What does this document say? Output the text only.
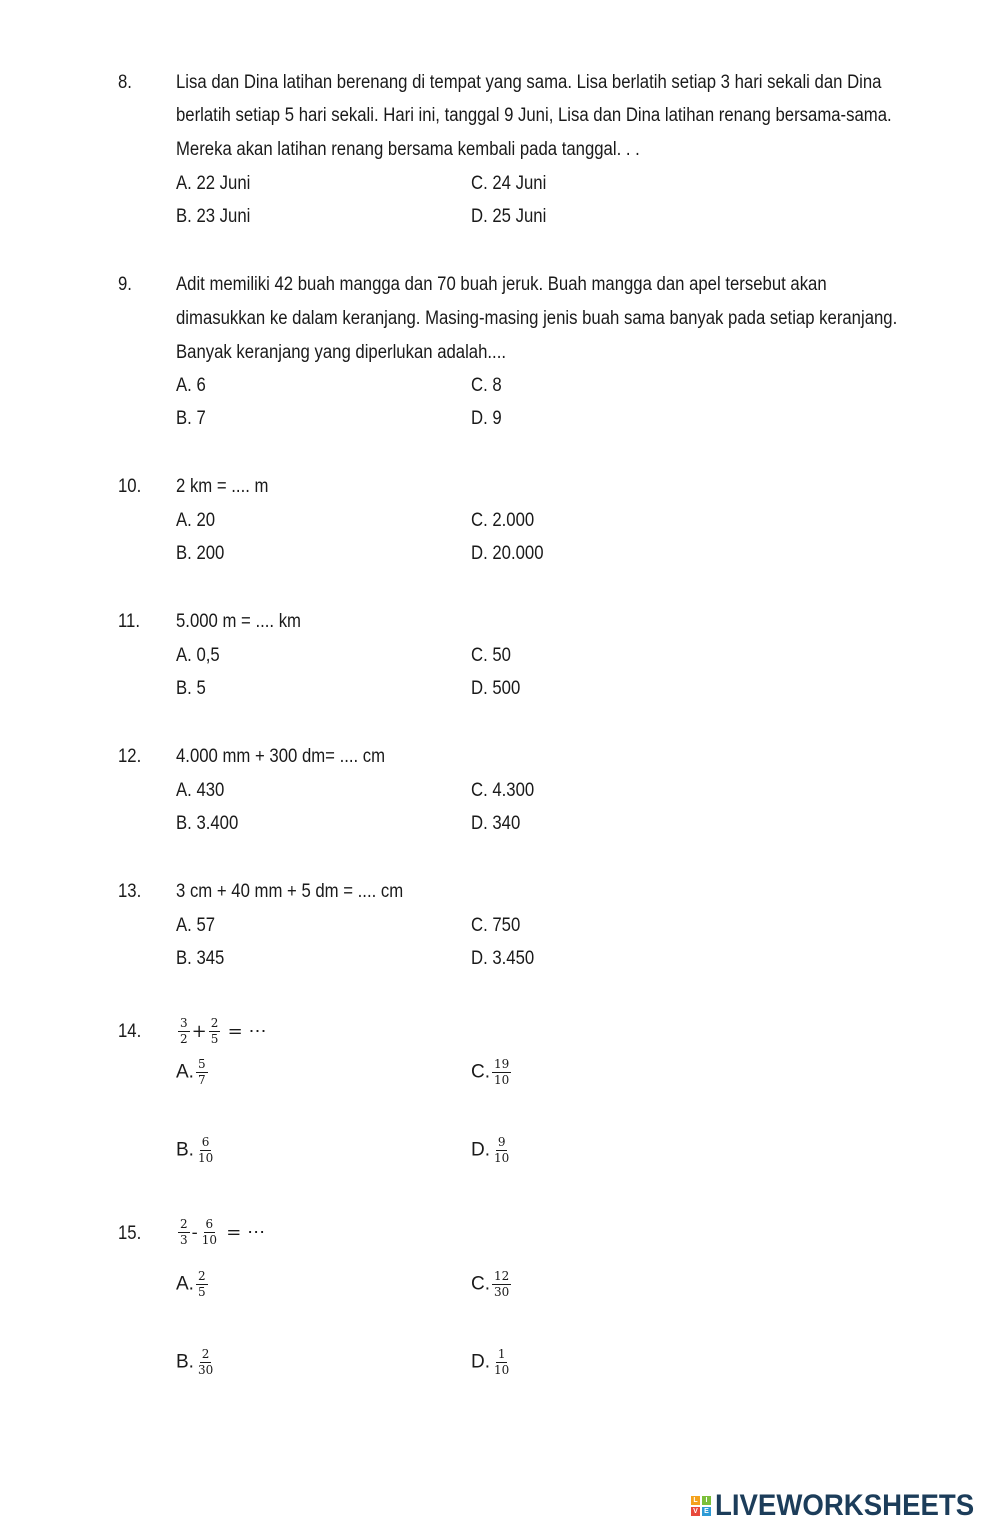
8. Lisa dan Dina latihan berenang di tempat yang sama. Lisa berlatih setiap 3 hari sekali dan Dina
berlatih setiap 5 hari sekali. Hari ini, tanggal 9 Juni, Lisa dan Dina latihan renang bersama-sama.
Mereka akan latihan renang bersama kembali pada tanggal. . .
A. 22 Juni	C. 24 Juni
B. 23 Juni	D. 25 Juni
9. Adit memiliki 42 buah mangga dan 70 buah jeruk. Buah mangga dan apel tersebut akan
dimasukkan ke dalam keranjang. Masing-masing jenis buah sama banyak pada setiap keranjang.
Banyak keranjang yang diperlukan adalah....
A. 6	C. 8
B. 7	D. 9
10. 2 km = .... m
A. 20	C. 2.000
B. 200	D. 20.000
11. 5.000 m = .... km
A. 0,5	C. 50
B. 5	D. 500
12. 4.000 mm + 300 dm= .... cm
A. 430	C. 4.300
B. 3.400	D. 340
13. 3 cm + 40 mm + 5 dm = .... cm
A. 57	C. 750
B. 345	D. 3.450
14.	$\frac{3}{2} + \frac{2}{5}$ = ⋯
A. $\frac{5}{7}$	C. $\frac{19}{10}$
B. $\frac{6}{10}$	D. $\frac{9}{10}$
15.	$\frac{2}{3} - \frac{6}{10}$ = ⋯
A. $\frac{2}{5}$	C. $\frac{12}{30}$
B. $\frac{2}{30}$	D. $\frac{1}{10}$
L	I
V E LIVEWORKSHEETS
